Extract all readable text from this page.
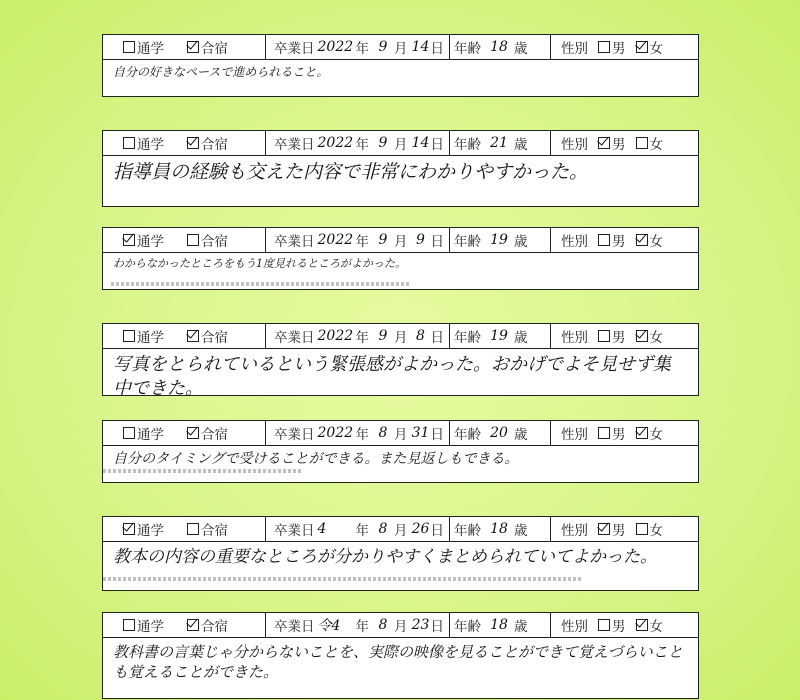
通学	合宿	卒業日 2022 年 9 月 14 日 年齢 18 歳 性別 男 女
自分の好きなペースで進められること。
通学	合宿	卒業日 2022 年 9 月 14 日 年齢 21 歳 性別 男 女
指導員の経験も交えた内容で非常にわかりやすかった。
通学	合宿	卒業日 2022 年 9 月 9 日 年齢 19 歳 性別 男 女
わからなかったところをもう1度見れるところがよかった。
通学	合宿	卒業日 2022 年 9 月 8 日 年齢 19 歳 性別 男 女
写真をとられているという緊張感がよかった。おかげでよそ見せず集中できた。
通学	合宿	卒業日 2022 年 8 月 31 日 年齢 20 歳 性別 男 女
自分のタイミングで受けることができる。また見返しもできる。
通学	合宿	卒業日 4	年 8 月 26 日 年齢 18 歳 性別 男 女
教本の内容の重要なところが分かりやすくまとめられていてよかった。
通学	合宿	卒業日 令4	年 8 月 23 日 年齢 18 歳 性別 男 女
教科書の言葉じゃ分からないことを、実際の映像を見ることができて覚えづらいことも覚えることができた。
